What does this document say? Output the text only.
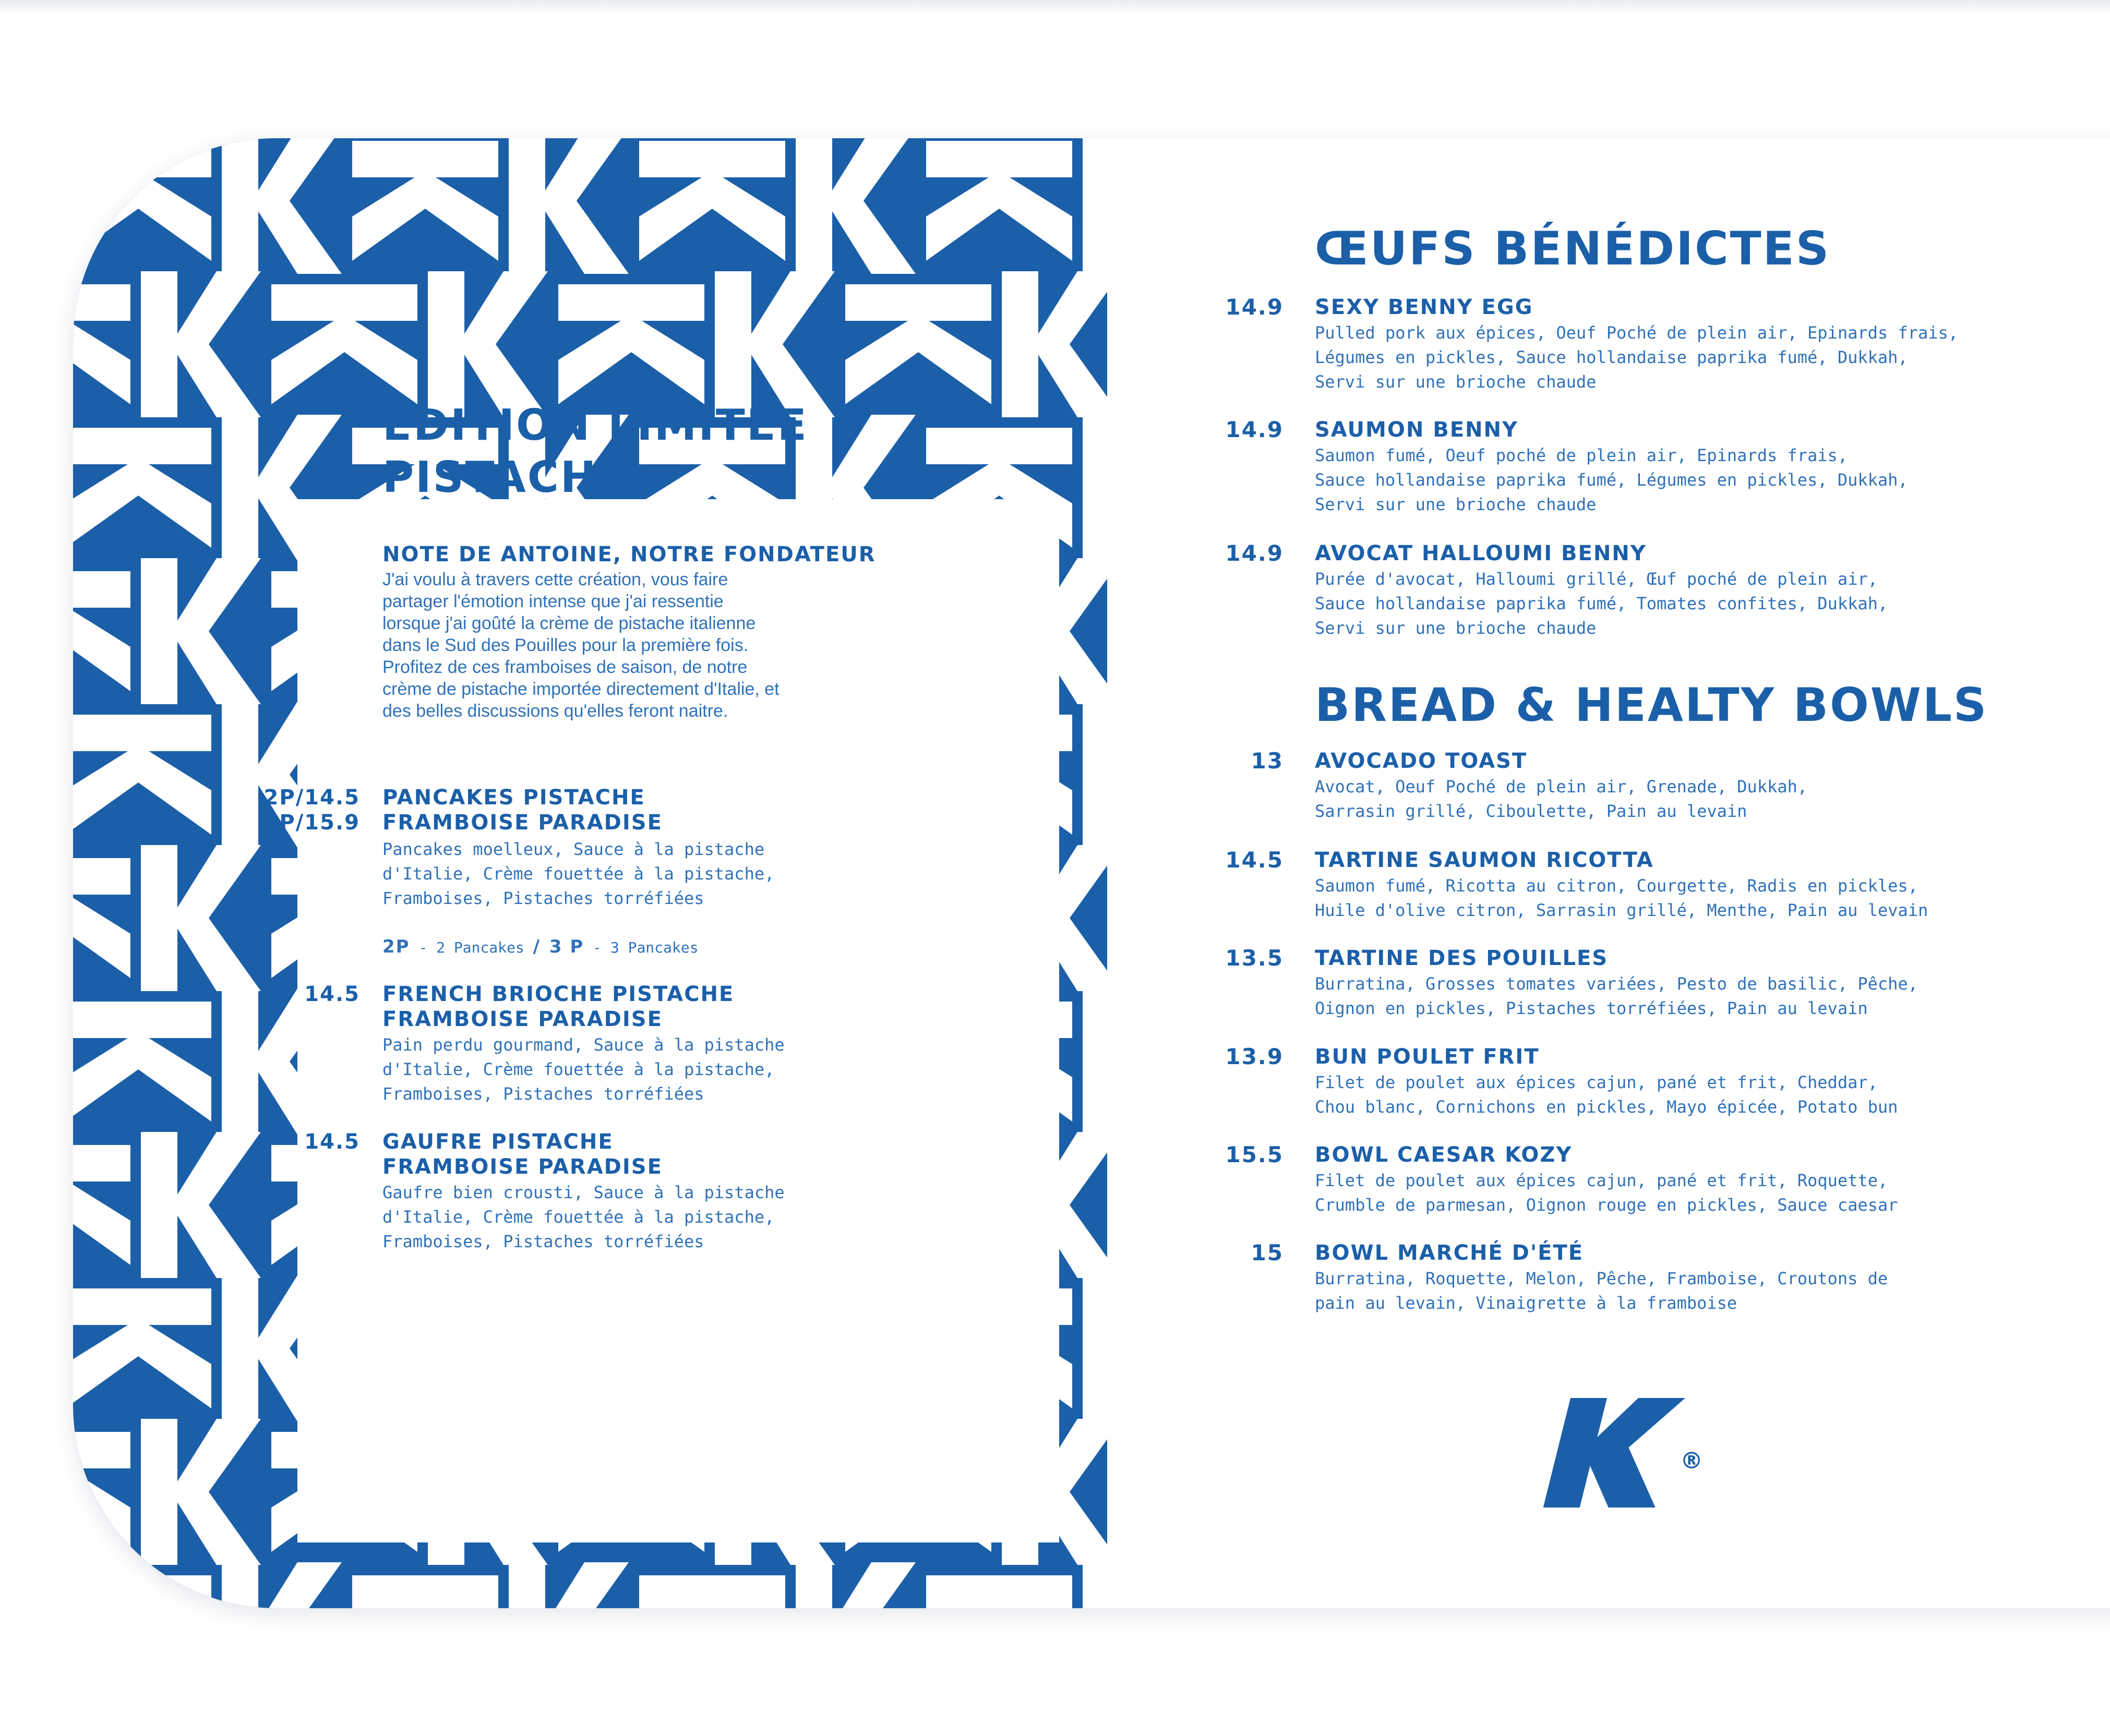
ÉDITION LIMITÉE
PISTACHE
NOTE DE ANTOINE, NOTRE FONDATEUR
J'ai voulu à travers cette création, vous faire
partager l'émotion intense que j'ai ressentie
lorsque j'ai goûté la crème de pistache italienne
dans le Sud des Pouilles pour la première fois.
Profitez de ces framboises de saison, de notre
crème de pistache importée directement d'Italie, et
des belles discussions qu'elles feront naitre.
2P/14.5
3P/15.9
PANCAKES PISTACHE
FRAMBOISE PARADISE
Pancakes moelleux, Sauce à la pistache
d'Italie, Crème fouettée à la pistache,
Framboises, Pistaches torréfiées
2P - 2 Pancakes / 3 P - 3 Pancakes
14.5 FRENCH BRIOCHE PISTACHE
FRAMBOISE PARADISE
Pain perdu gourmand, Sauce à la pistache
d'Italie, Crème fouettée à la pistache,
Framboises, Pistaches torréfiées
14.5 GAUFRE PISTACHE
FRAMBOISE PARADISE
Gaufre bien crousti, Sauce à la pistache
d'Italie, Crème fouettée à la pistache,
Framboises, Pistaches torréfiées
ŒUFS BÉNÉDICTES
14.9 SEXY BENNY EGG
Pulled pork aux épices, Oeuf Poché de plein air, Epinards frais,
Légumes en pickles, Sauce hollandaise paprika fumé, Dukkah,
Servi sur une brioche chaude
14.9 SAUMON BENNY
Saumon fumé, Oeuf poché de plein air, Epinards frais,
Sauce hollandaise paprika fumé, Légumes en pickles, Dukkah,
Servi sur une brioche chaude
14.9 AVOCAT HALLOUMI BENNY
Purée d'avocat, Halloumi grillé, Œuf poché de plein air,
Sauce hollandaise paprika fumé, Tomates confites, Dukkah,
Servi sur une brioche chaude
BREAD & HEALTY BOWLS
13 AVOCADO TOAST
Avocat, Oeuf Poché de plein air, Grenade, Dukkah,
Sarrasin grillé, Ciboulette, Pain au levain
14.5 TARTINE SAUMON RICOTTA
Saumon fumé, Ricotta au citron, Courgette, Radis en pickles,
Huile d'olive citron, Sarrasin grillé, Menthe, Pain au levain
13.5 TARTINE DES POUILLES
Burratina, Grosses tomates variées, Pesto de basilic, Pêche,
Oignon en pickles, Pistaches torréfiées, Pain au levain
13.9 BUN POULET FRIT
Filet de poulet aux épices cajun, pané et frit, Cheddar,
Chou blanc, Cornichons en pickles, Mayo épicée, Potato bun
15.5 BOWL CAESAR KOZY
Filet de poulet aux épices cajun, pané et frit, Roquette,
Crumble de parmesan, Oignon rouge en pickles, Sauce caesar
15 BOWL MARCHÉ D'ÉTÉ
Burratina, Roquette, Melon, Pêche, Framboise, Croutons de
pain au levain, Vinaigrette à la framboise
®
